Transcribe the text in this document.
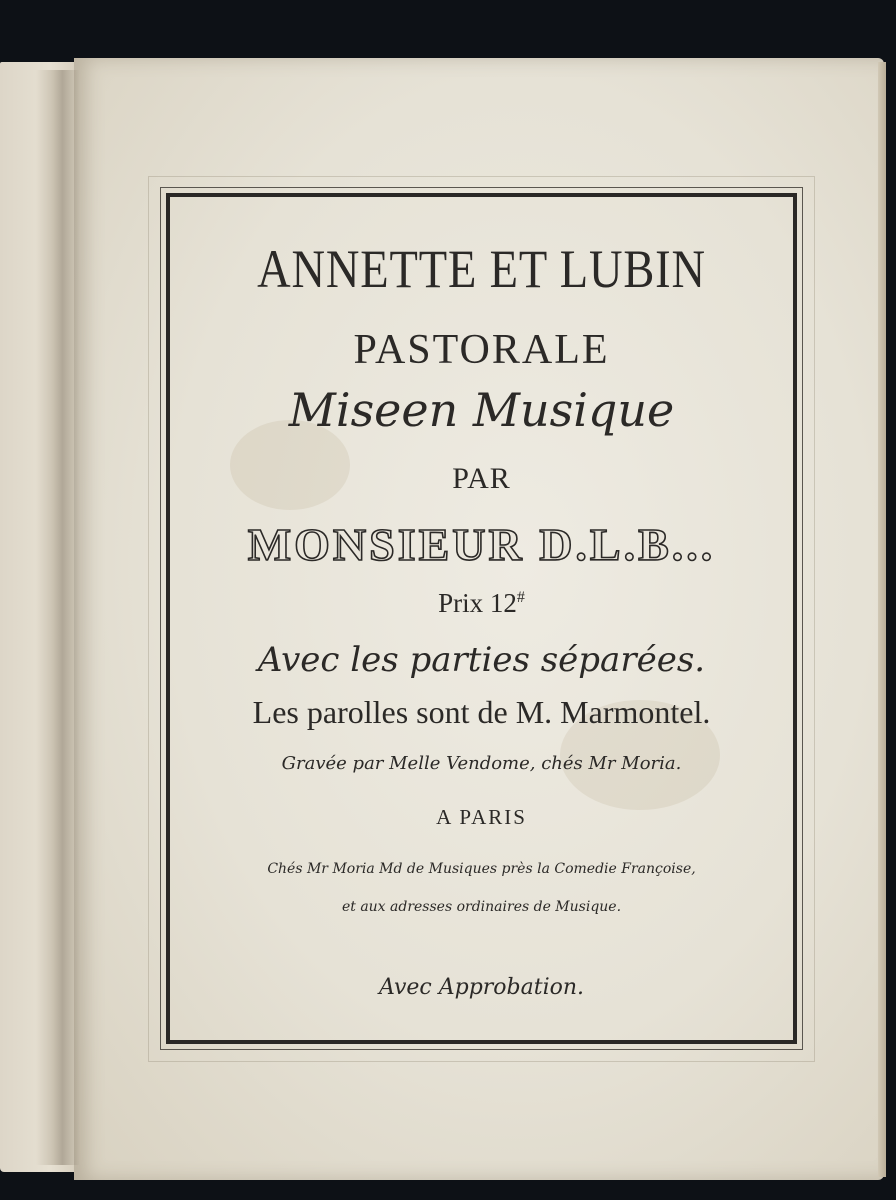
ANNETTE ET LUBIN

PASTORALE

Miseen Musique

PAR

MONSIEUR D.L.B...

Prix 12#

Avec les parties séparées.

Les parolles sont de M. Marmontel.

Gravée par Melle Vendome, chés Mr Moria.

A PARIS

Chés Mr Moria Md de Musiques près la Comedie Françoise,

et aux adresses ordinaires de Musique.

Avec Approbation.
